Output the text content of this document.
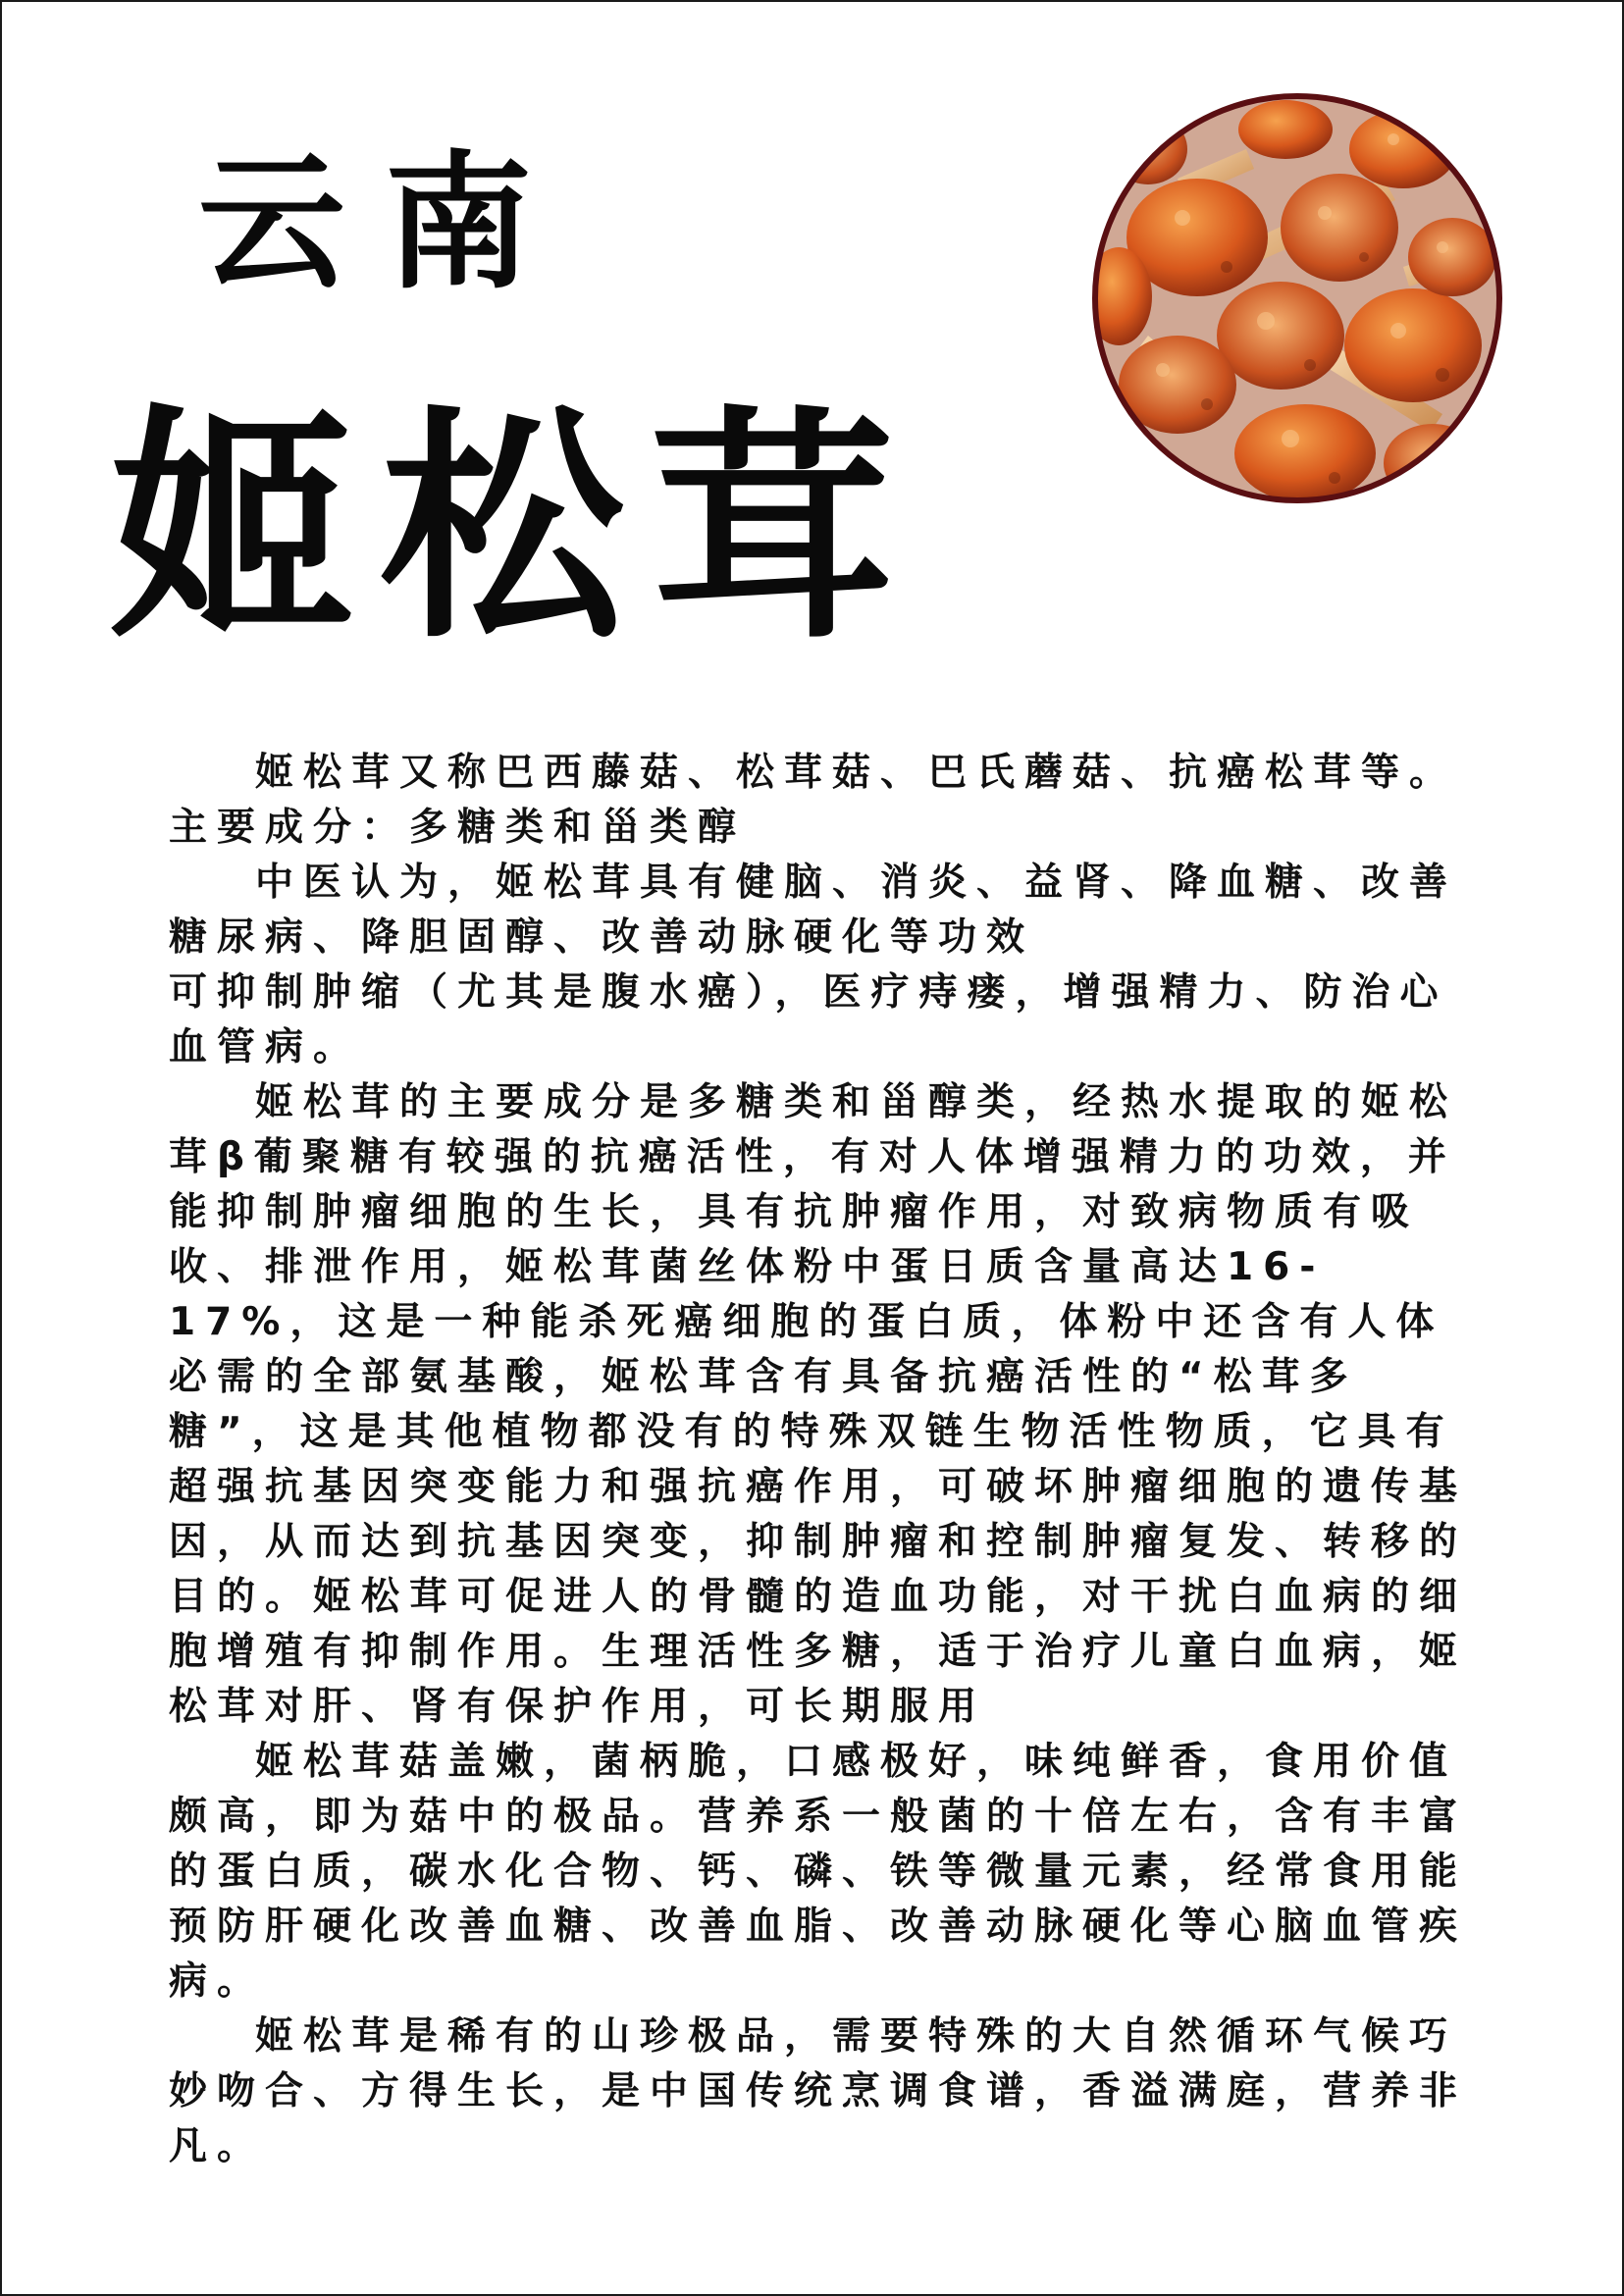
云南
姬松茸

姬松茸又称巴西藤菇、松茸菇、巴氏蘑菇、抗癌松茸等。

主要成分：多糖类和甾类醇

中医认为，姬松茸具有健脑、消炎、益肾、降血糖、改善糖尿病、降胆固醇、改善动脉硬化等功效

可抑制肿缩（尤其是腹水癌），医疗痔瘘，增强精力、防治心血管病。

姬松茸的主要成分是多糖类和甾醇类，经热水提取的姬松茸β葡聚糖有较强的抗癌活性，有对人体增强精力的功效，并能抑制肿瘤细胞的生长，具有抗肿瘤作用，对致病物质有吸收、排泄作用，姬松茸菌丝体粉中蛋日质含量高达16-17%，这是一种能杀死癌细胞的蛋白质，体粉中还含有人体必需的全部氨基酸，姬松茸含有具备抗癌活性的“松茸多糖”，这是其他植物都没有的特殊双链生物活性物质，它具有超强抗基因突变能力和强抗癌作用，可破坏肿瘤细胞的遗传基因，从而达到抗基因突变，抑制肿瘤和控制肿瘤复发、转移的目的。姬松茸可促进人的骨髓的造血功能，对干扰白血病的细胞增殖有抑制作用。生理活性多糖，适于治疗儿童白血病，姬松茸对肝、肾有保护作用，可长期服用

姬松茸菇盖嫩，菌柄脆，口感极好，味纯鲜香，食用价值颇高，即为菇中的极品。营养系一般菌的十倍左右，含有丰富的蛋白质，碳水化合物、钙、磷、铁等微量元素，经常食用能预防肝硬化改善血糖、改善血脂、改善动脉硬化等心脑血管疾病。

姬松茸是稀有的山珍极品，需要特殊的大自然循环气候巧妙吻合、方得生长，是中国传统烹调食谱，香溢满庭，营养非凡。
